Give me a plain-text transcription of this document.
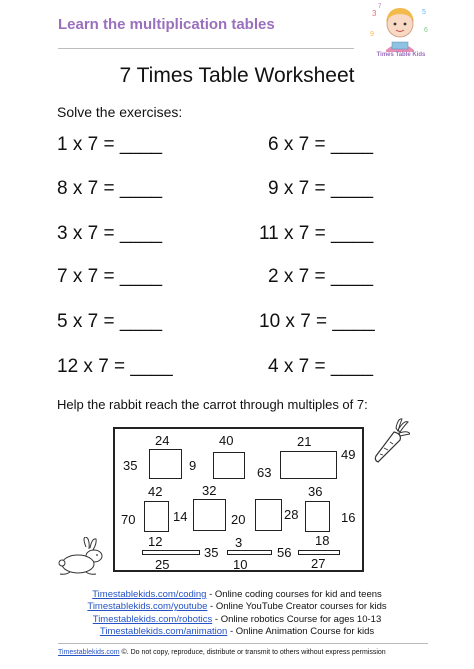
Learn the multiplication tables
3	5
6
9
7
Times Table Kids
7 Times Table Worksheet
Solve the exercises:
1 x 7 = ____
8 x 7 = ____
3 x 7 = ____
7 x 7 = ____
5 x 7 = ____
12 x 7 = ____
6 x 7 = ____
9 x 7 = ____
11 x 7 = ____
2 x 7 = ____
10 x 7 = ____
4 x 7 = ____
Help the rabbit reach the carrot through multiples of 7:
24	40	21
35	9	63
49
42	32	36
70	14	20	28	16
12	3	18
35	56
25	10	27
Timestablekids.com/coding - Online coding courses for kid and teens
Timestablekids.com/youtube - Online YouTube Creator courses for kids
Timestablekids.com/robotics - Online robotics Course for ages 10-13
Timestablekids.com/animation - Online Animation Course for kids
Timestablekids.com ©. Do not copy, reproduce, distribute or transmit to others without express permission
